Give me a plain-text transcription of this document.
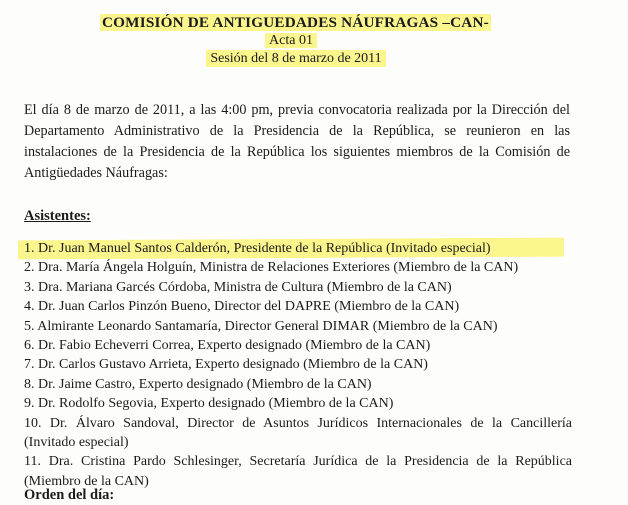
COMISIÓN DE ANTIGUEDADES NÁUFRAGAS –CAN-
Acta 01
Sesión del 8 de marzo de 2011
El día 8 de marzo de 2011, a las 4:00 pm, previa convocatoria realizada por la Dirección del Departamento Administrativo de la Presidencia de la República, se reunieron en las instalaciones de la Presidencia de la República los siguientes miembros de la Comisión de Antigüedades Náufragas:
Asistentes:
1. Dr. Juan Manuel Santos Calderón, Presidente de la República (Invitado especial)
2. Dra. María Ángela Holguín, Ministra de Relaciones Exteriores (Miembro de la CAN)
3. Dra. Mariana Garcés Córdoba, Ministra de Cultura (Miembro de la CAN)
4. Dr. Juan Carlos Pinzón Bueno, Director del DAPRE (Miembro de la CAN)
5. Almirante Leonardo Santamaría, Director General DIMAR (Miembro de la CAN)
6. Dr. Fabio Echeverri Correa, Experto designado (Miembro de la CAN)
7. Dr. Carlos Gustavo Arrieta, Experto designado (Miembro de la CAN)
8. Dr. Jaime Castro, Experto designado (Miembro de la CAN)
9. Dr. Rodolfo Segovia, Experto designado (Miembro de la CAN)
10. Dr. Álvaro Sandoval, Director de Asuntos Jurídicos Internacionales de la Cancillería (Invitado especial)
11. Dra. Cristina Pardo Schlesinger, Secretaría Jurídica de la Presidencia de la República (Miembro de la CAN)
Orden del día:
